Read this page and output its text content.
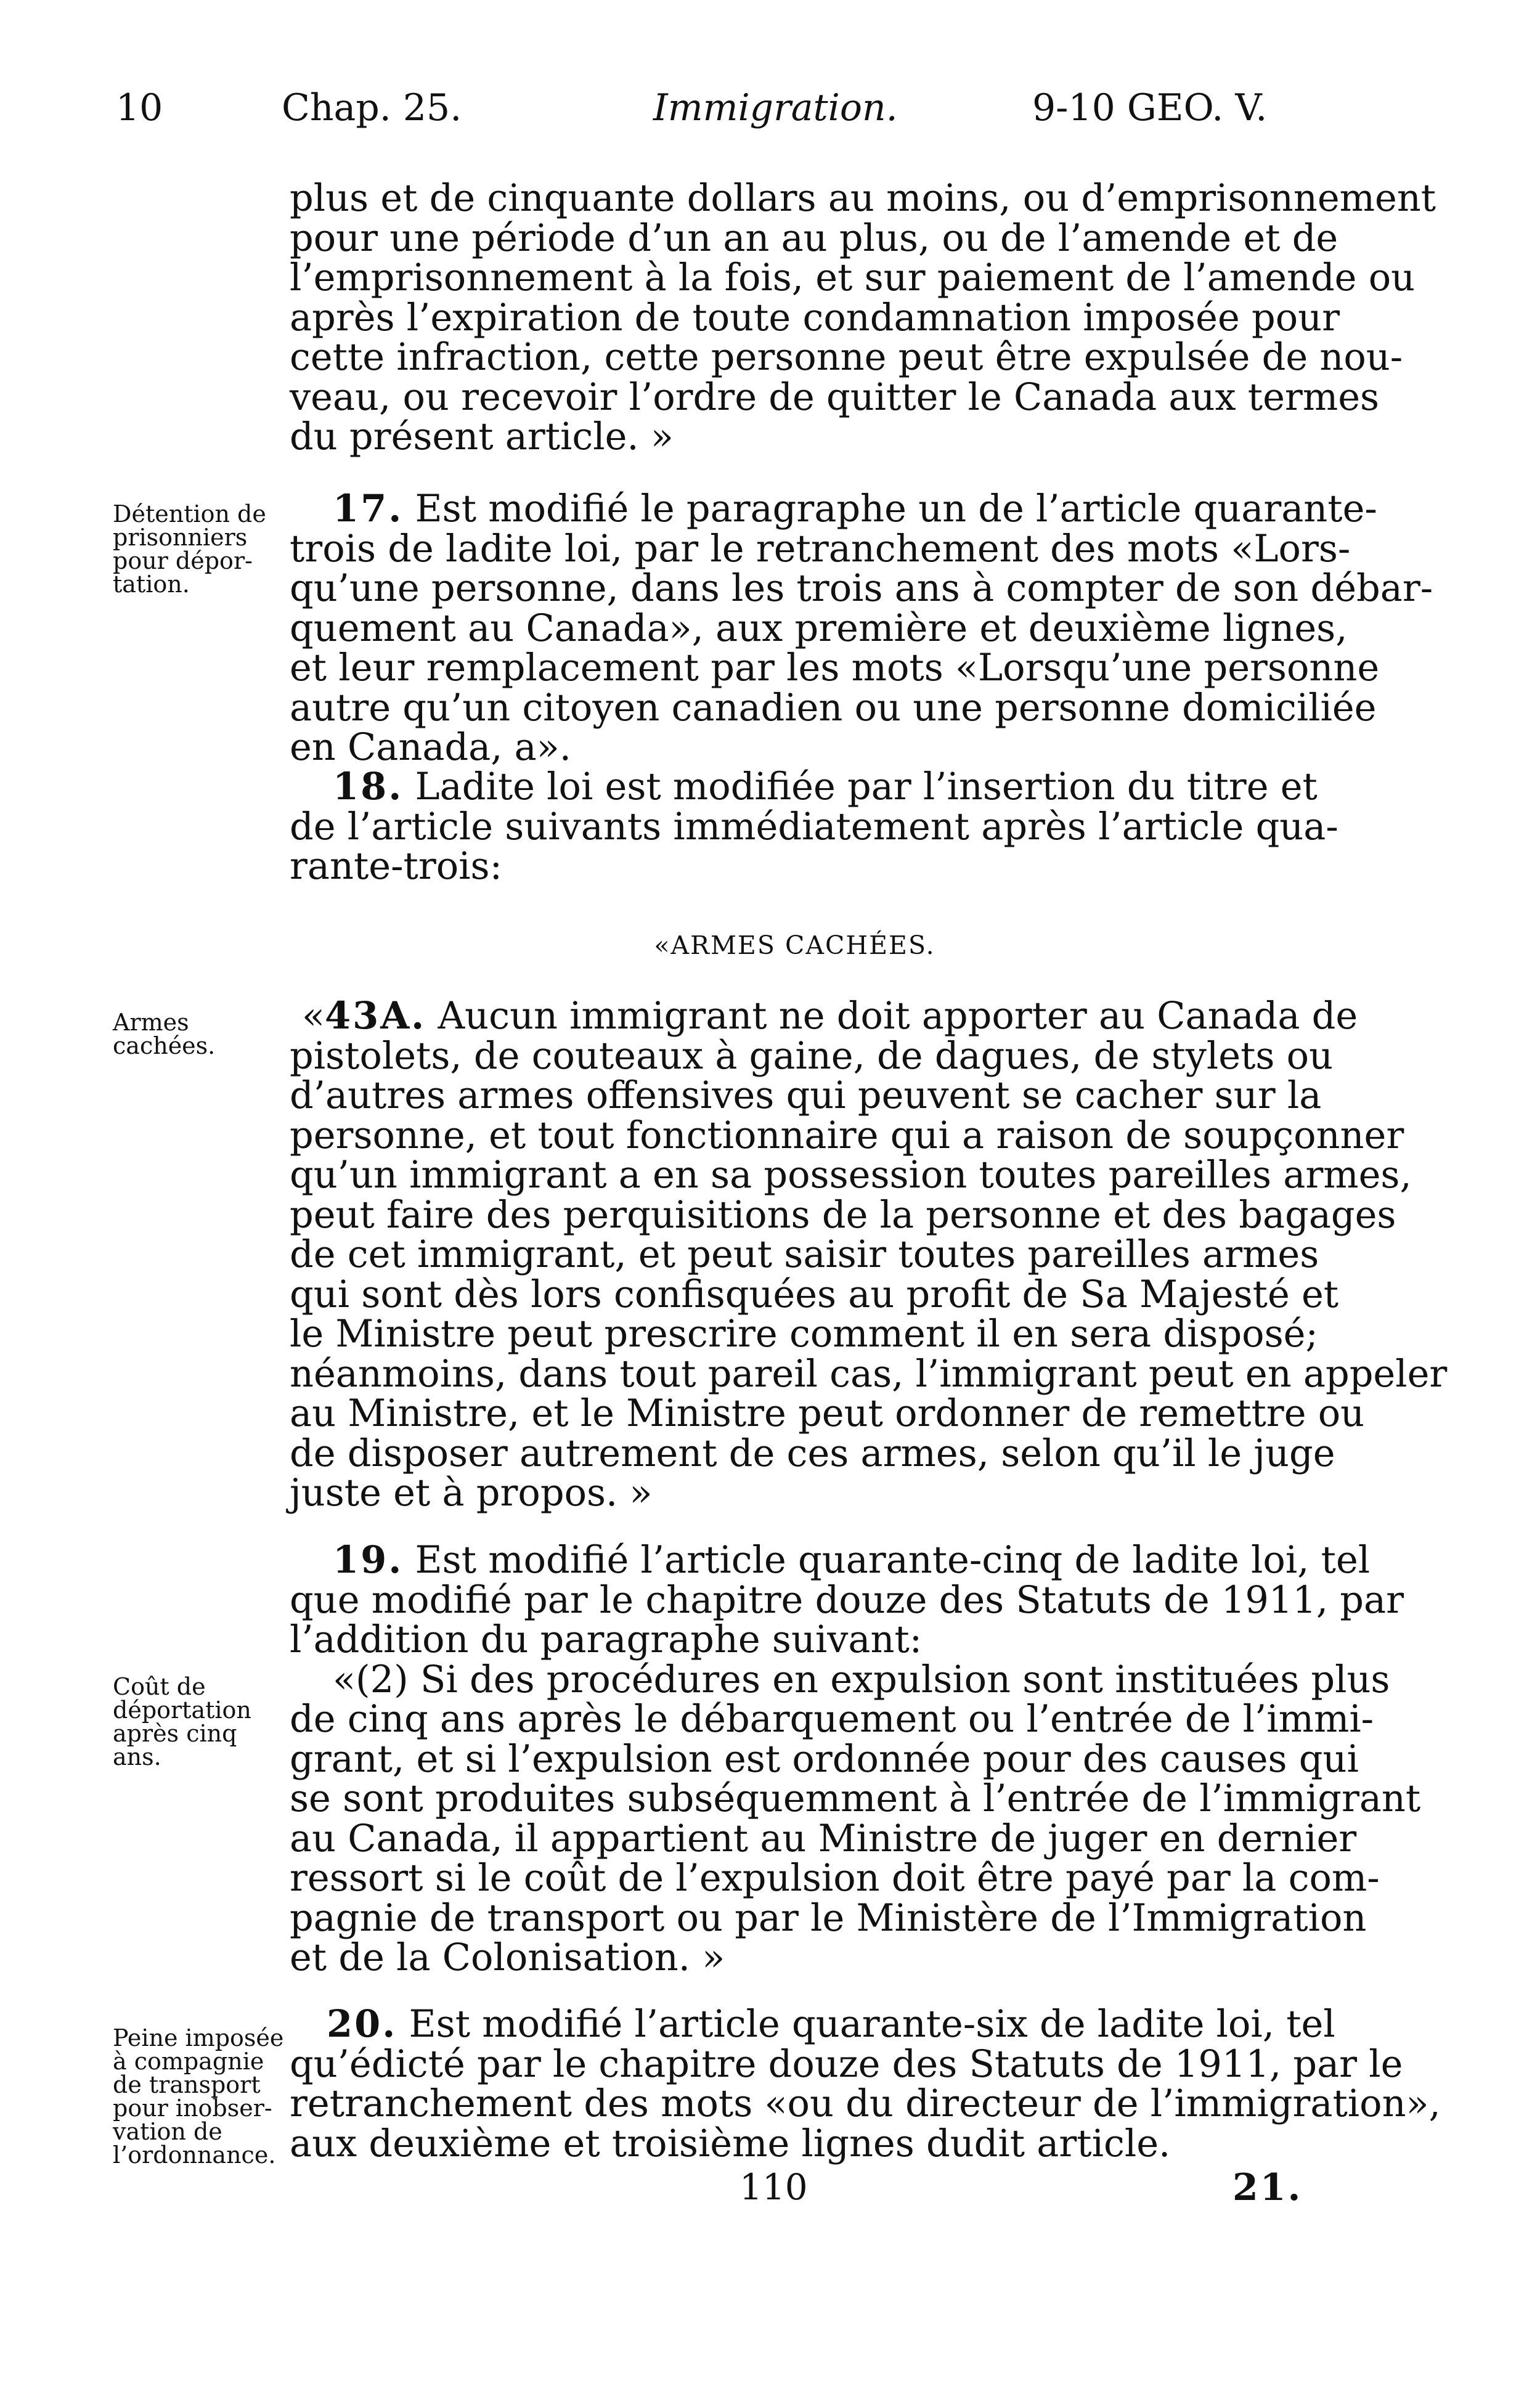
10	Chap. 25.	Immigration.	9-10 GEO. V.
plus et de cinquante dollars au moins, ou d’emprisonnement
pour une période d’un an au plus, ou de l’amende et de
l’emprisonnement à la fois, et sur paiement de l’amende ou
après l’expiration de toute condamnation imposée pour
cette infraction, cette personne peut être expulsée de nou-
veau, ou recevoir l’ordre de quitter le Canada aux termes
du présent article. »
Détention de
prisonniers
pour dépor-
tation.
17. Est modifié le paragraphe un de l’article quarante-
trois de ladite loi, par le retranchement des mots «Lors-
qu’une personne, dans les trois ans à compter de son débar-
quement au Canada», aux première et deuxième lignes,
et leur remplacement par les mots «Lorsqu’une personne
autre qu’un citoyen canadien ou une personne domiciliée
en Canada, a».
18. Ladite loi est modifiée par l’insertion du titre et
de l’article suivants immédiatement après l’article qua-
rante-trois:
«ARMES CACHÉES.
Armes
cachées.
«43A. Aucun immigrant ne doit apporter au Canada de
pistolets, de couteaux à gaine, de dagues, de stylets ou
d’autres armes offensives qui peuvent se cacher sur la
personne, et tout fonctionnaire qui a raison de soupçonner
qu’un immigrant a en sa possession toutes pareilles armes,
peut faire des perquisitions de la personne et des bagages
de cet immigrant, et peut saisir toutes pareilles armes
qui sont dès lors confisquées au profit de Sa Majesté et
le Ministre peut prescrire comment il en sera disposé;
néanmoins, dans tout pareil cas, l’immigrant peut en appeler
au Ministre, et le Ministre peut ordonner de remettre ou
de disposer autrement de ces armes, selon qu’il le juge
juste et à propos. »
Coût de
déportation
après cinq
ans.
19. Est modifié l’article quarante-cinq de ladite loi, tel
que modifié par le chapitre douze des Statuts de 1911, par
l’addition du paragraphe suivant:
«(2) Si des procédures en expulsion sont instituées plus
de cinq ans après le débarquement ou l’entrée de l’immi-
grant, et si l’expulsion est ordonnée pour des causes qui
se sont produites subséquemment à l’entrée de l’immigrant
au Canada, il appartient au Ministre de juger en dernier
ressort si le coût de l’expulsion doit être payé par la com-
pagnie de transport ou par le Ministère de l’Immigration
et de la Colonisation. »
Peine imposée
à compagnie
de transport
pour inobser-
vation de
l’ordonnance.
20. Est modifié l’article quarante-six de ladite loi, tel
qu’édicté par le chapitre douze des Statuts de 1911, par le
retranchement des mots «ou du directeur de l’immigration»,
aux deuxième et troisième lignes dudit article.
110	21.
